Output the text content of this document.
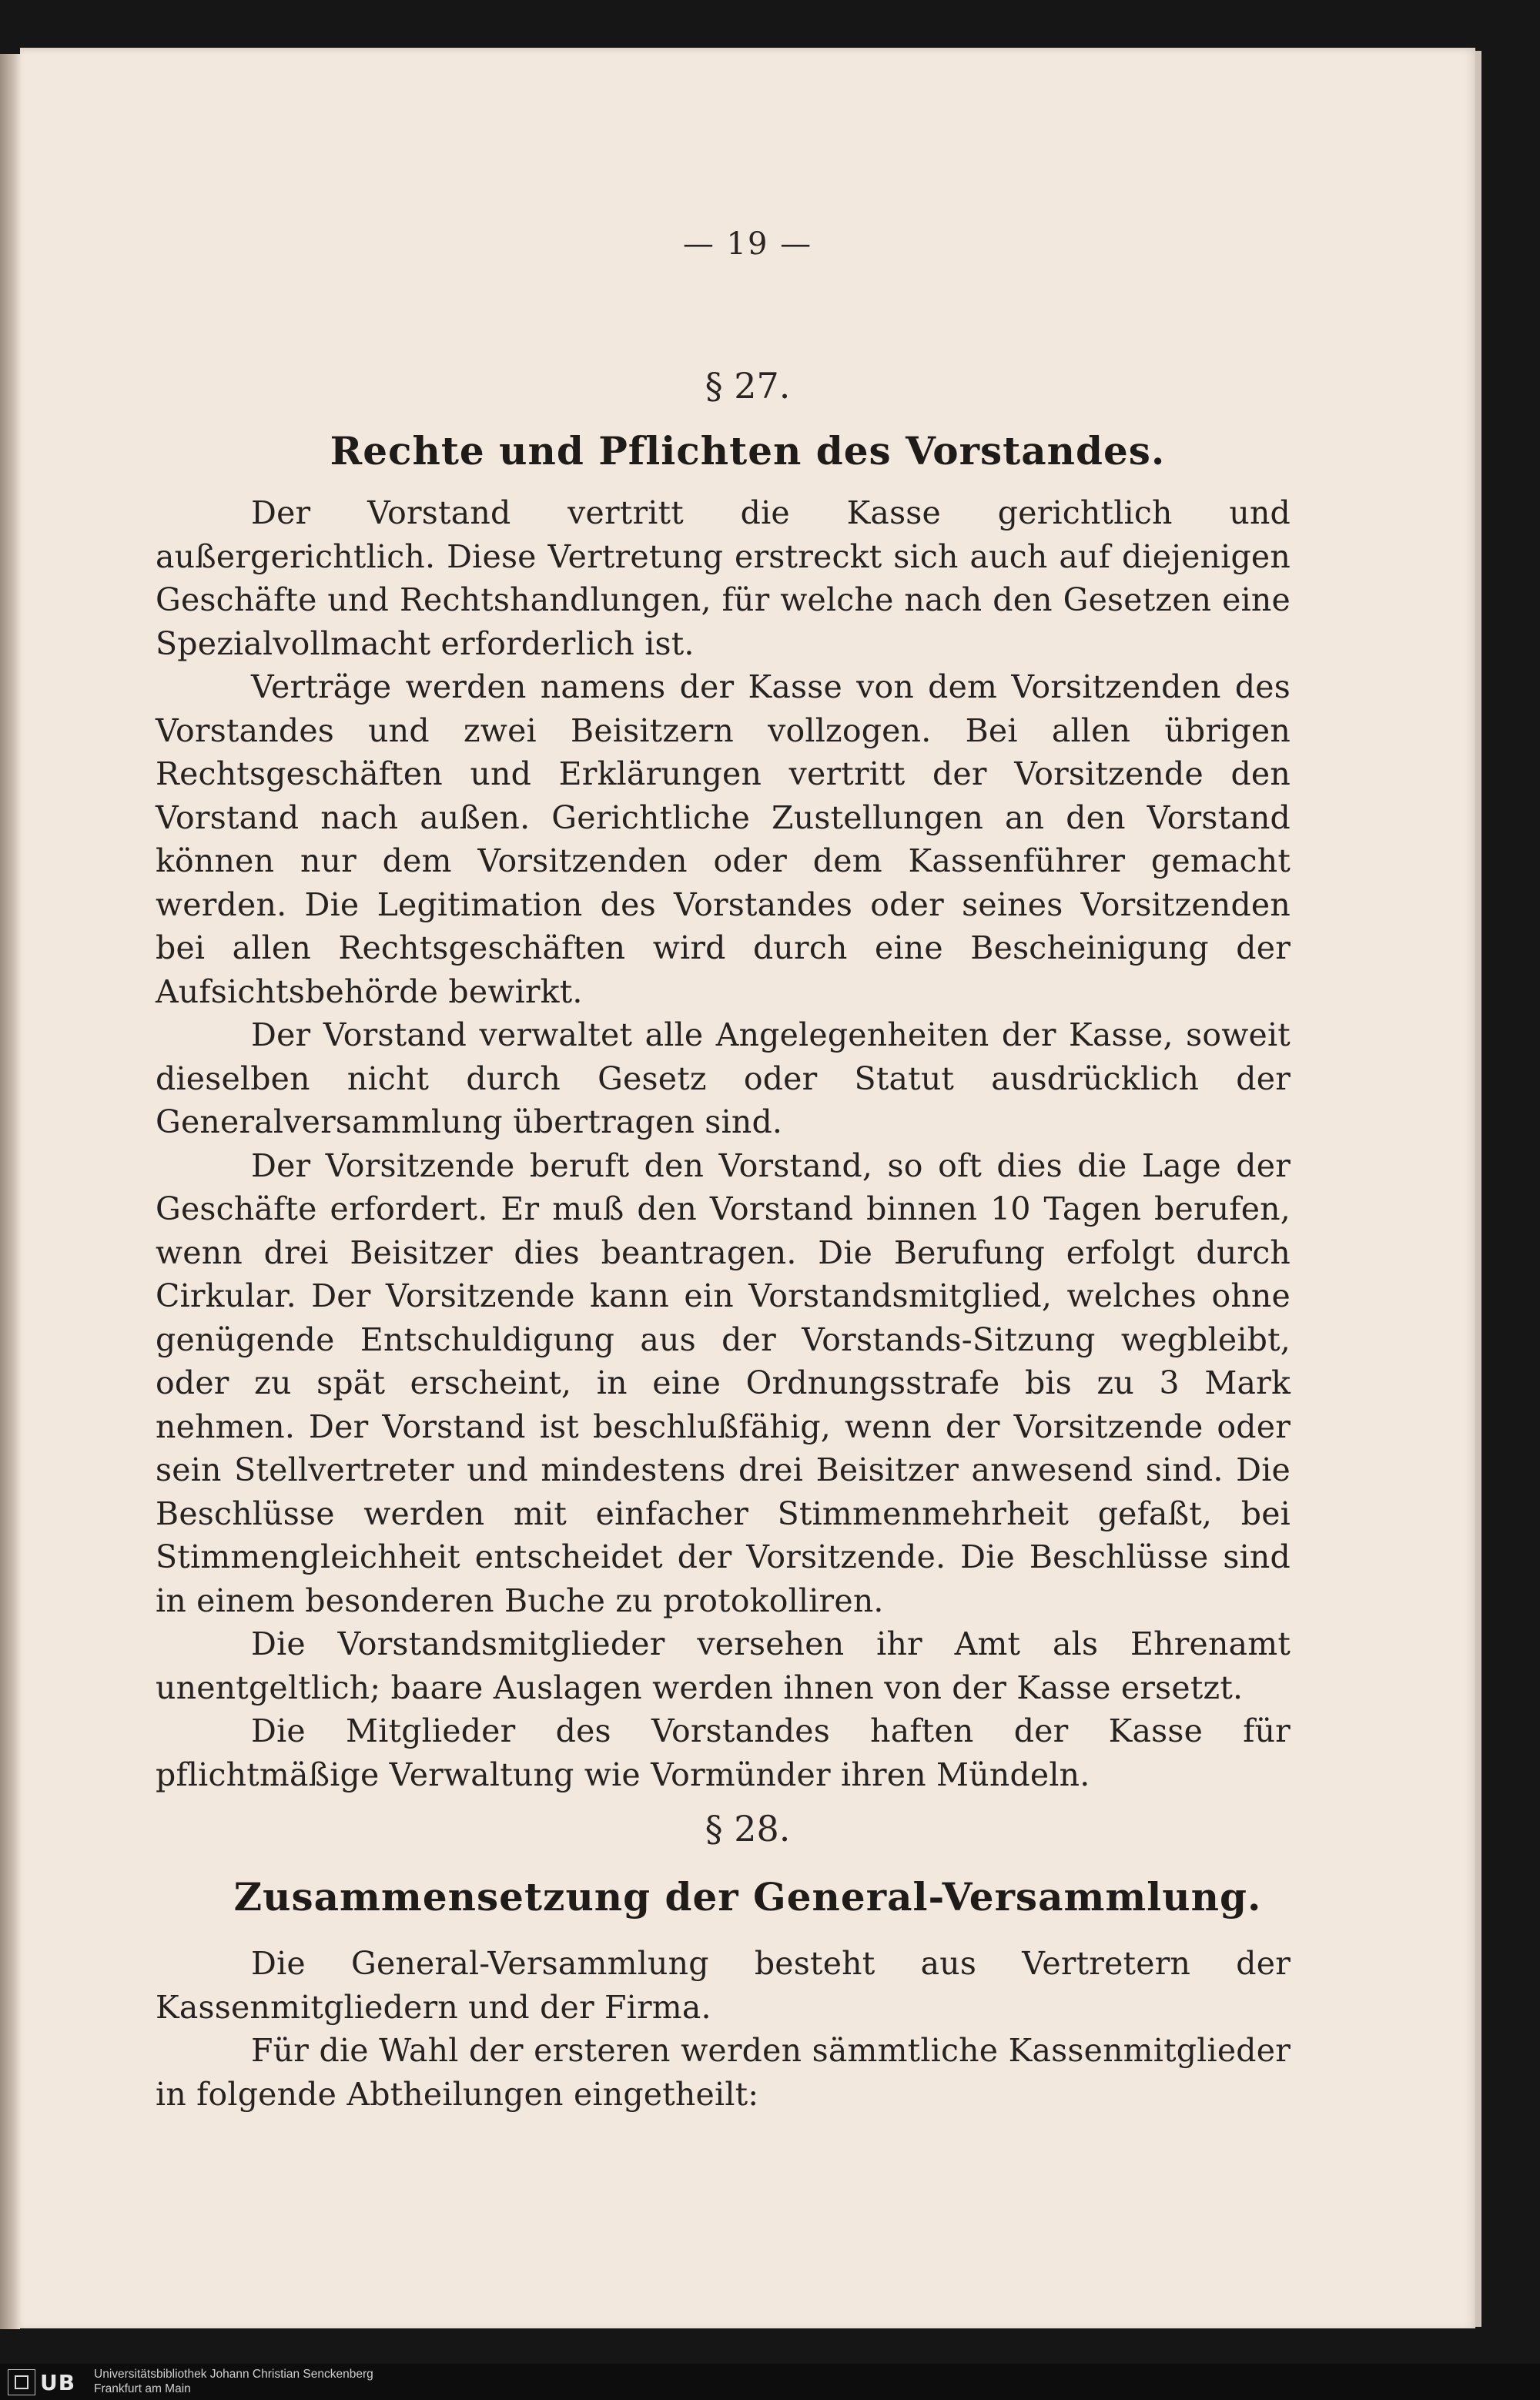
— 19 —
§ 27.
Rechte und Pflichten des Vorstandes.

Der Vorstand vertritt die Kasse gerichtlich und außergerichtlich. Diese Vertretung erstreckt sich auch auf diejenigen Geschäfte und Rechtshandlungen, für welche nach den Gesetzen eine Spezialvollmacht erforderlich ist.

Verträge werden namens der Kasse von dem Vorsitzenden des Vorstandes und zwei Beisitzern vollzogen. Bei allen übrigen Rechtsgeschäften und Erklärungen vertritt der Vorsitzende den Vorstand nach außen. Gerichtliche Zustellungen an den Vorstand können nur dem Vorsitzenden oder dem Kassenführer gemacht werden. Die Legitimation des Vorstandes oder seines Vorsitzenden bei allen Rechtsgeschäften wird durch eine Bescheinigung der Aufsichtsbehörde bewirkt.

Der Vorstand verwaltet alle Angelegenheiten der Kasse, soweit dieselben nicht durch Gesetz oder Statut ausdrücklich der Generalversammlung übertragen sind.

Der Vorsitzende beruft den Vorstand, so oft dies die Lage der Geschäfte erfordert. Er muß den Vorstand binnen 10 Tagen berufen, wenn drei Beisitzer dies beantragen. Die Berufung erfolgt durch Cirkular. Der Vorsitzende kann ein Vorstandsmitglied, welches ohne genügende Entschuldigung aus der Vorstands-Sitzung wegbleibt, oder zu spät erscheint, in eine Ordnungsstrafe bis zu 3 Mark nehmen. Der Vorstand ist beschlußfähig, wenn der Vorsitzende oder sein Stellvertreter und mindestens drei Beisitzer anwesend sind. Die Beschlüsse werden mit einfacher Stimmenmehrheit gefaßt, bei Stimmengleichheit entscheidet der Vorsitzende. Die Beschlüsse sind in einem besonderen Buche zu protokolliren.

Die Vorstandsmitglieder versehen ihr Amt als Ehrenamt unentgeltlich; baare Auslagen werden ihnen von der Kasse ersetzt.

Die Mitglieder des Vorstandes haften der Kasse für pflichtmäßige Verwaltung wie Vormünder ihren Mündeln.

§ 28.
Zusammensetzung der General-Versammlung.

Die General-Versammlung besteht aus Vertretern der Kassenmitgliedern und der Firma.

Für die Wahl der ersteren werden sämmtliche Kassenmitglieder in folgende Abtheilungen eingetheilt:

UB Universitätsbibliothek Johann Christian Senckenberg
Frankfurt am Main
